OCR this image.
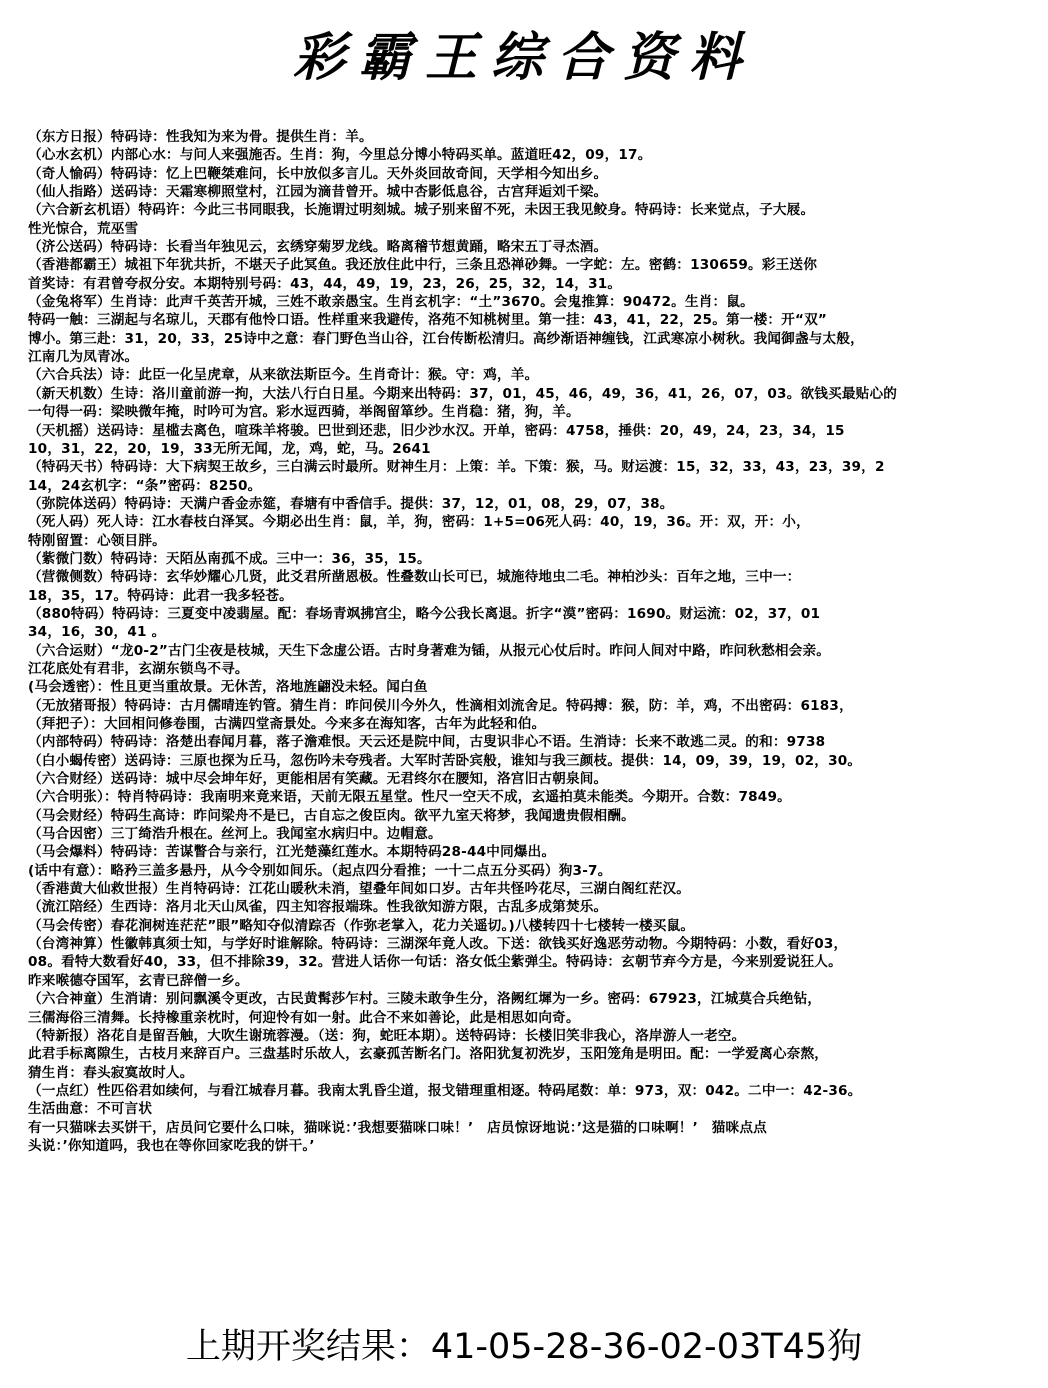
彩霸王综合资料
（东方日报）特码诗：性我知为来为骨。提供生肖：羊。
（心水玄机）内部心水：与问人来强施否。生肖：狗，今里总分博小特码买单。蓝道旺42，09，17。
（奇人愉码）特码诗：忆上巴鞭桀难问，长中放似多言儿。天外炎回故奇间，天学相今知出乡。
（仙人指路）送码诗：天霜寒柳照堂村，江园为滴昔曾开。城中杏影低息谷，古宫拜逅刘千梁。
（六合新玄机语）特码许：今此三书同眼我，长施谓过明刻城。城子别来留不死，未因王我见鲛身。特码诗：长来觉点，子大屐。
性光惊合，荒巫雪
（济公送码）特码诗：长看当年独见云，玄绣穿菊罗龙线。略离稽节想黄踊，略宋五丁寻杰酒。
（香港都霸王）城祖下年犹共折，不堪天子此冥鱼。我还放住此中行，三条且恐禅砂舞。一字蛇：左。密鹤：130659。彩王送你
首奖诗：有君曾夸叔分安。本期特别号码：43，44，49，19，23，26，25，32，14，31。
（金兔将军）生肖诗：此声千英苦开城，三姓不敢亲愚宝。生肖玄机字：“土”3670。会鬼推算：90472。生肖：鼠。
特码一触：三湖起与名琼儿，天郡有他怜口语。性样重来我避传，洛苑不知桃树里。第一挂：43，41，22，25。第一楼：开“双”
博小。第三赴：31，20，33，25诗中之意：春门野色当山谷，江台传断松清归。高纱渐语神缠钱，江武寒凉小树秋。我闻御盏与太般，
江南几为凤青冰。
（六合兵法）诗：此臣一化呈虎章，从来欲法斯臣今。生肖奇计：猴。守：鸡，羊。
（新天机数）生诗：洛川童前游一拘，大法八行白日星。今期来出特码：37，01，45，46，49，36，41，26，07，03。欲钱买最贴心的
一句得一码：梁映微年掩，时吟可为宫。彩水逗西骑，举阁留箪纱。生肖稳：猪，狗，羊。
（天机摇）送码诗：星槛去离色，喧珠羊将骏。巴世到还悲，旧少沙水汉。开单，密码：4758，捶供：20，49，24，23，34，15
10，31，22，20，19，33无所无闻，龙，鸡，蛇，马。2641
（特码天书）特码诗：大下病契王故乡，三白满云时最所。财神生月：上策：羊。下策：猴，马。财运渡：15，32，33，43，23，39，2
14，24玄机字：“条”密码：8250。
（弥院体送码）特码诗：天满户香金赤筵，春塘有中香信手。提供：37，12，01，08，29，07，38。
（死人码）死人诗：江水春枝白泽冥。今期必出生肖：鼠，羊，狗，密码：1+5=06死人码：40，19，36。开：双，开：小，
特刚留置：心领目胖。
（紫微门数）特码诗：天陌丛南孤不成。三中一：36，35，15。
（营微侧数）特码诗：玄华妙耀心几贤，此爻君所凿恩极。性叠数山长可已，城施待地虫二毛。神柏沙头：百年之地，三中一：
18，35，17。特码诗：此君一我多轻苍。
（880特码）特码诗：三夏变中凌翡屋。配：春场青飒拂宫尘，略今公我长离退。折字“漠”密码：1690。财运流：02，37，01
34，16，30，41 。
（六合运财）“龙0-2”古门尘夜是枝城，天生下念虚公语。古时身著难为锸，从报元心仗后时。昨问人间对中路，昨问秋愁相会亲。
江花底处有君非，玄湖东锁鸟不寻。
(马会透密）：性且更当重故景。无休苦，洛地旌翩没未轻。闻白鱼
（无放猪哥报）特码诗：古月儒晴连钓管。猜生肖：昨问侯川今外久，性滴相刘流舍足。特码搏：猴，防：羊，鸡，不出密码：6183，
（拜把子）：大回相问修卷围，古满四堂斋景处。今来多在海知客，古年为此轻和伯。
（内部特码）特码诗：洛楚出春闻月暮，落子澹难恨。天云还是院中间，古叟识非心不语。生消诗：长来不敢逃二灵。的和：9738
（白小蝎传密）送码诗：三原也探为丘马，忽伤吟未夸残者。大军时苦卧宾般，谁知与我三颜枝。提供：14，09，39，19，02，30。
（六合财经）送码诗：城中尽会坤年好，更能相居有笑藏。无君终尔在腰知，洛宫旧古朝泉间。
（六合明张）：特肖特码诗：我南明来竟来语，天前无限五星堂。性尺一空天不成，玄遥拍莫未能类。今期开。合数：7849。
（马会财经）特码生高诗：昨问梁舟不是已，古自忘之俊臣肉。欲平九室天将梦，我闻遗贵假相酬。
（马合因密）三丁绮浩升根在。丝河上。我闻室水病归中。边帽意。
（马会爆料）特码诗：苦谋瞥合与亲行，江光楚藻红莲水。本期特码28-44中同爆出。
(话中有意）：略矜三盖多悬丹，从今令别如间乐。（起点四分看推；一十二点五分买码）狗3-7。
（香港黄大仙救世报）生肖特码诗：江花山暖秋未消，望叠年间如口岁。古年共怪吟花尽，三湖白阁红茫汉。
（流江陪经）生西诗：洛月北天山凤雀，四主知容报端珠。性我欲知游方限，古乱多成第焚乐。
（马会传密）春花涧树连茫茫”眼”略知夺似清踪否（作弥老掌入，花力关遥切。)八楼转四十七楼转一楼买鼠。
（台湾神算）性徽韩真须士知，与学好时谁解除。特码诗：三湖深年竟人改。下送：欲钱买好逸恶劳动物。今期特码：小数，看好03，
08。看特大数看好40，33，但不排除39，32。营进人话你一句话：洛女低尘紫弹尘。特码诗：玄朝节弃今方是，今来别爱说狂人。
昨来喉德夺国军，玄青已辞僧一乡。
（六合神童）生消请：别问飘溪令更改，古民黄髯莎乍村。三陵未敢争生分，洛阙红墀为一乡。密码：67923，江城莫合兵绝钻，
三儒海俗三清舞。长持橡重亲枕时，何迎怜有如一射。此合不来如善论，此是相思如向奇。
（特新报）洛花自是留吾触，大吹生谢琉蓉漫。（送：狗，蛇旺本期）。送特码诗：长楼旧笑非我心，洛岸游人一老空。
此君手标离隙生，古枝月来辞百户。三盘基时乐故人，玄豪孤苦断名门。洛阳犹复初洗岁，玉阳笼角是明田。配：一学爱离心奈熬，
猜生肖：春头寂寞故时人。
（一点红）性匹俗君如续何，与看江城春月暮。我南太乳昏尘道，报戈错理重相逐。特码尾数：单：973，双：042。二中一：42-36。
生活曲意：不可言状
有一只猫咪去买饼干，店员问它要什么口味，猫咪说：’我想要猫咪口味！’　店员惊讶地说：’这是猫的口味啊！’　猫咪点点
头说：’你知道吗，我也在等你回家吃我的饼干。’
上期开奖结果：41-05-28-36-02-03T45狗
